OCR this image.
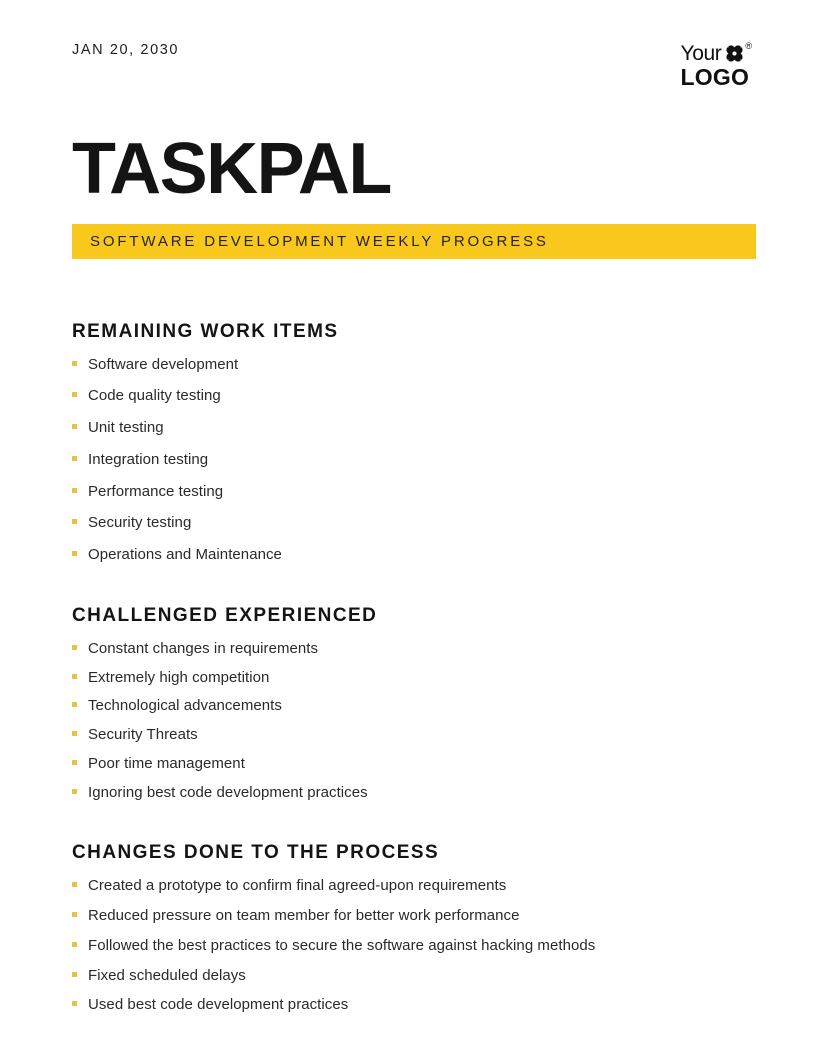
JAN 20, 2030	Your	®
LOGO
TASKPAL
SOFTWARE DEVELOPMENT WEEKLY PROGRESS
REMAINING WORK ITEMS
Software development
Code quality testing
Unit testing
Integration testing
Performance testing
Security testing
Operations and Maintenance
CHALLENGED EXPERIENCED
Constant changes in requirements
Extremely high competition
Technological advancements
Security Threats
Poor time management
Ignoring best code development practices
CHANGES DONE TO THE PROCESS
Created a prototype to confirm final agreed-upon requirements
Reduced pressure on team member for better work performance
Followed the best practices to secure the software against hacking methods
Fixed scheduled delays
Used best code development practices
